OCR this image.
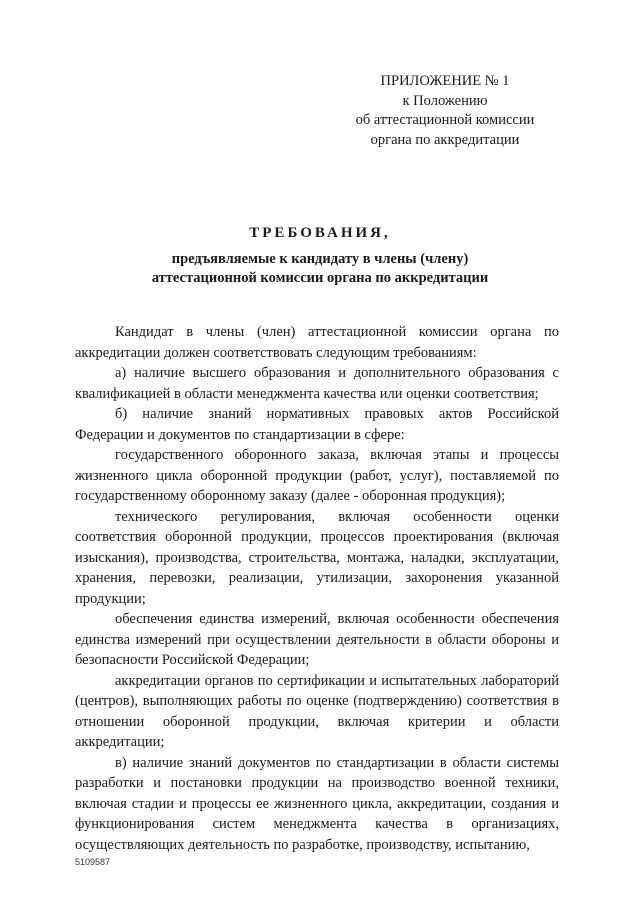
ПРИЛОЖЕНИЕ № 1
к Положению
об аттестационной комиссии
органа по аккредитации
ТРЕБОВАНИЯ,
предъявляемые к кандидату в члены (члену)
аттестационной комиссии органа по аккредитации

Кандидат в члены (член) аттестационной комиссии органа по аккредитации должен соответствовать следующим требованиям:

а) наличие высшего образования и дополнительного образования с квалификацией в области менеджмента качества или оценки соответствия;

б) наличие знаний нормативных правовых актов Российской Федерации и документов по стандартизации в сфере:

государственного оборонного заказа, включая этапы и процессы жизненного цикла оборонной продукции (работ, услуг), поставляемой по государственному оборонному заказу (далее - оборонная продукция);

технического регулирования, включая особенности оценки соответствия оборонной продукции, процессов проектирования (включая изыскания), производства, строительства, монтажа, наладки, эксплуатации, хранения, перевозки, реализации, утилизации, захоронения указанной продукции;

обеспечения единства измерений, включая особенности обеспечения единства измерений при осуществлении деятельности в области обороны и безопасности Российской Федерации;

аккредитации органов по сертификации и испытательных лабораторий (центров), выполняющих работы по оценке (подтверждению) соответствия в отношении оборонной продукции, включая критерии и области аккредитации;

в) наличие знаний документов по стандартизации в области системы разработки и постановки продукции на производство военной техники, включая стадии и процессы ее жизненного цикла, аккредитации, создания и функционирования систем менеджмента качества в организациях, осуществляющих деятельность по разработке, производству, испытанию,

5109587
